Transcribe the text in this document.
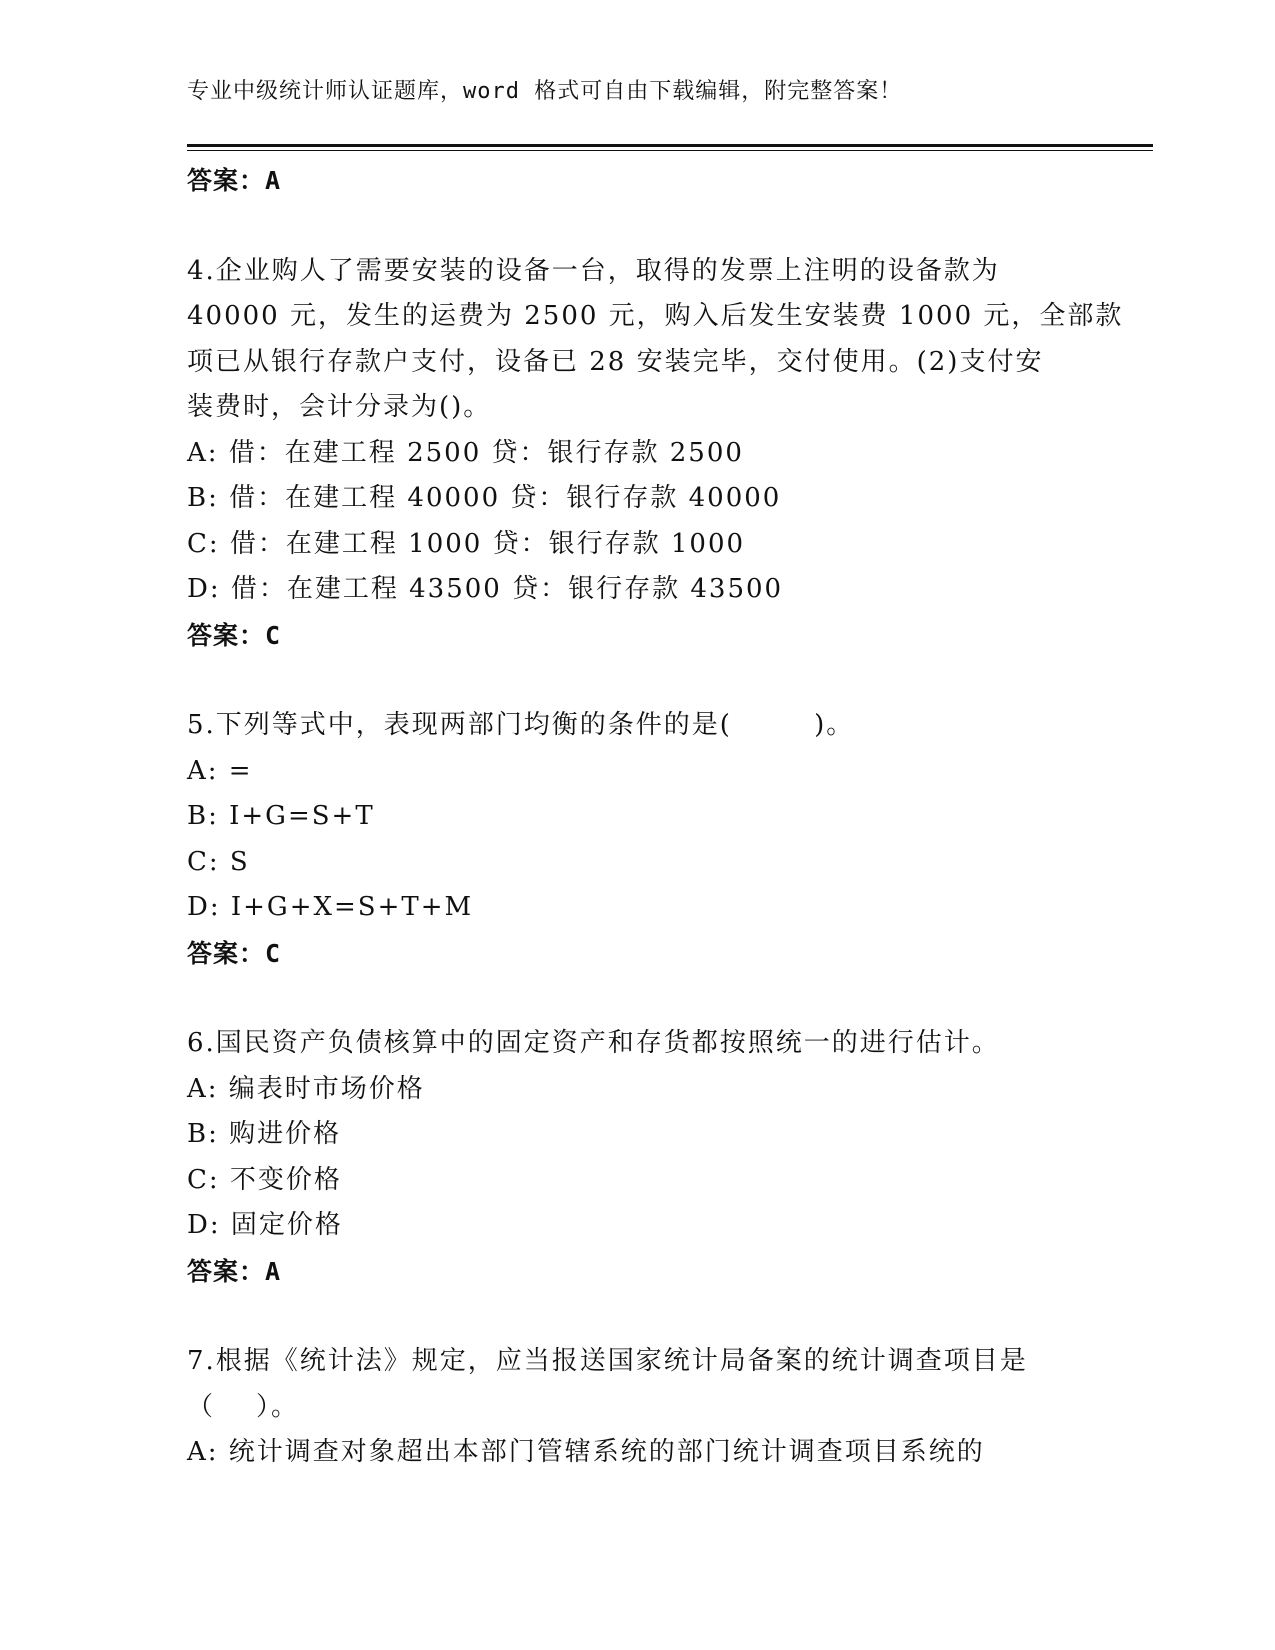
专业中级统计师认证题库，word 格式可自由下载编辑，附完整答案！
答案：A
4.企业购人了需要安装的设备一台，取得的发票上注明的设备款为
40000 元，发生的运费为 2500 元，购入后发生安装费 1000 元，全部款
项已从银行存款户支付，设备已 28 安装完毕，交付使用。(2)支付安
装费时，会计分录为()。
A: 借：在建工程 2500 贷：银行存款 2500
B: 借：在建工程 40000 贷：银行存款 40000
C: 借：在建工程 1000 贷：银行存款 1000
D: 借：在建工程 43500 贷：银行存款 43500
答案：C
5.下列等式中，表现两部门均衡的条件的是(        )。
A: =
B: I+G=S+T
C: S
D: I+G+X=S+T+M
答案：C
6.国民资产负债核算中的固定资产和存货都按照统一的进行估计。
A: 编表时市场价格
B: 购进价格
C: 不变价格
D: 固定价格
答案：A
7.根据《统计法》规定，应当报送国家统计局备案的统计调查项目是
（    ）。
A: 统计调查对象超出本部门管辖系统的部门统计调查项目系统的
